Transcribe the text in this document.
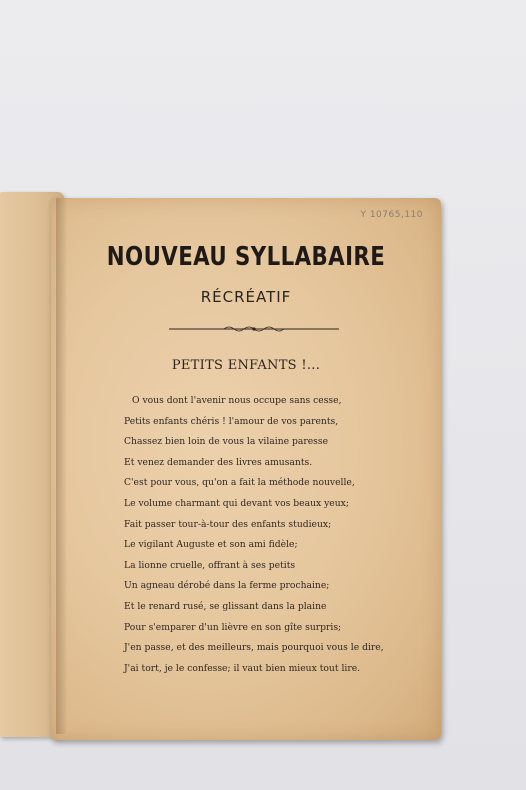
Y 10765,110
NOUVEAU SYLLABAIRE
RÉCRÉATIF
PETITS ENFANTS !...
O vous dont l'avenir nous occupe sans cesse,
Petits enfants chéris ! l'amour de vos parents,
Chassez bien loin de vous la vilaine paresse
Et venez demander des livres amusants.
C'est pour vous, qu'on a fait la méthode nouvelle,
Le volume charmant qui devant vos beaux yeux;
Fait passer tour-à-tour des enfants studieux;
Le vigilant Auguste et son ami fidèle;
La lionne cruelle, offrant à ses petits
Un agneau dérobé dans la ferme prochaine;
Et le renard rusé, se glissant dans la plaine
Pour s'emparer d'un lièvre en son gîte surpris;
J'en passe, et des meilleurs, mais pourquoi vous le dire,
J'ai tort, je le confesse; il vaut bien mieux tout lire.
